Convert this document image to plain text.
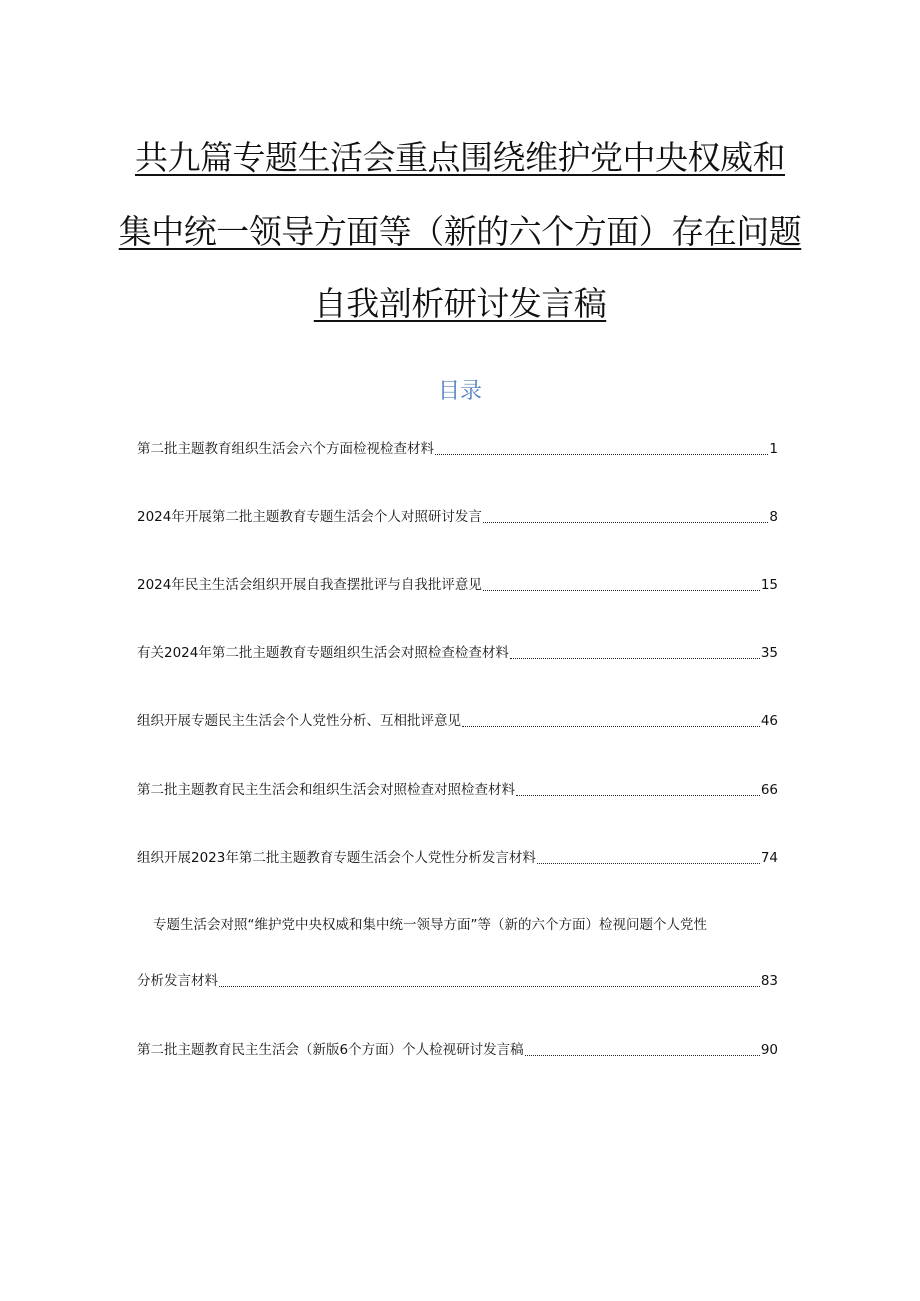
共九篇专题生活会重点围绕维护党中央权威和
集中统一领导方面等（新的六个方面）存在问题
自我剖析研讨发言稿
目录
第二批主题教育组织生活会六个方面检视检查材料	1
2024年开展第二批主题教育专题生活会个人对照研讨发言	8
2024年民主生活会组织开展自我查摆批评与自我批评意见	15
有关2024年第二批主题教育专题组织生活会对照检查检查材料	35
组织开展专题民主生活会个人党性分析、互相批评意见	46
第二批主题教育民主生活会和组织生活会对照检查对照检查材料	66
组织开展2023年第二批主题教育专题生活会个人党性分析发言材料	74
专题生活会对照“维护党中央权威和集中统一领导方面”等（新的六个方面）检视问题个人党性
分析发言材料	83
第二批主题教育民主生活会（新版6个方面）个人检视研讨发言稿	90
